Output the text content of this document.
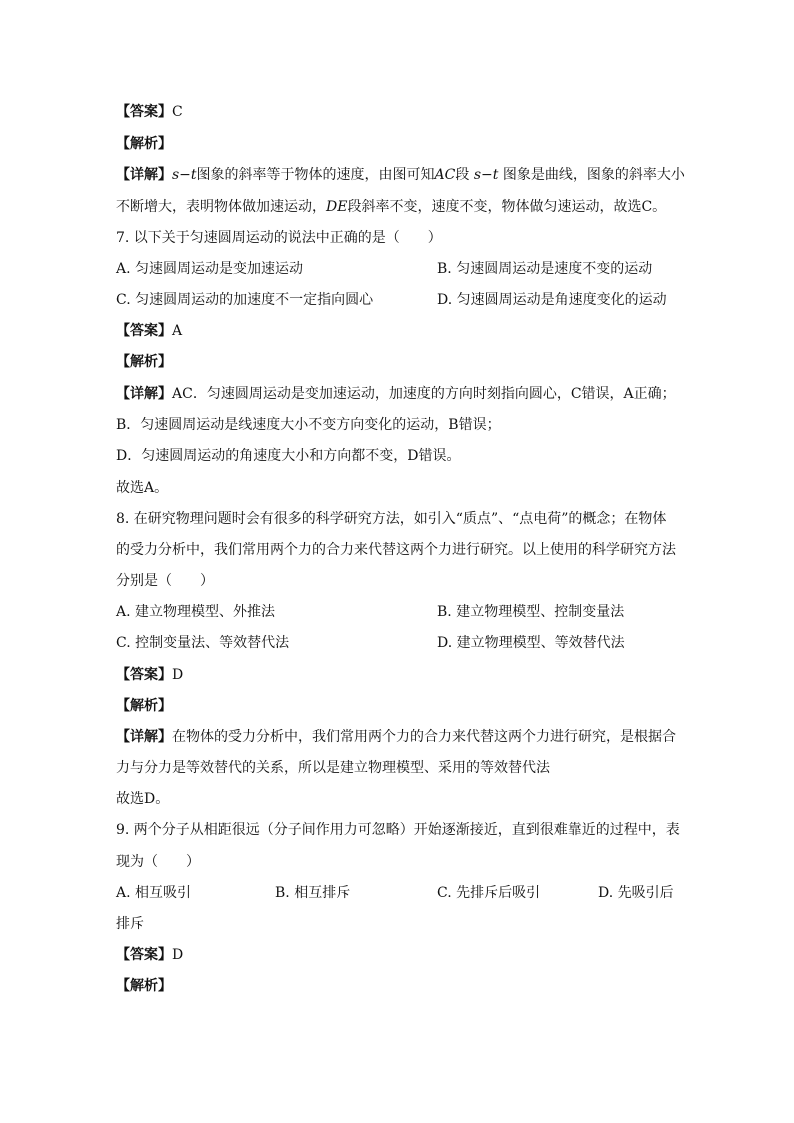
【答案】C
【解析】
【详解】s−t图象的斜率等于物体的速度，由图可知AC段 s−t 图象是曲线，图象的斜率大小
不断增大，表明物体做加速运动，DE段斜率不变，速度不变，物体做匀速运动，故选C。
7. 以下关于匀速圆周运动的说法中正确的是（　　）
A. 匀速圆周运动是变加速运动	B. 匀速圆周运动是速度不变的运动
C. 匀速圆周运动的加速度不一定指向圆心	D. 匀速圆周运动是角速度变化的运动
【答案】A
【解析】
【详解】AC．匀速圆周运动是变加速运动，加速度的方向时刻指向圆心，C错误，A正确；
B．匀速圆周运动是线速度大小不变方向变化的运动，B错误；
D．匀速圆周运动的角速度大小和方向都不变，D错误。
故选A。
8. 在研究物理问题时会有很多的科学研究方法，如引入“质点”、“点电荷”的概念；在物体
的受力分析中，我们常用两个力的合力来代替这两个力进行研究。以上使用的科学研究方法
分别是（　　）
A. 建立物理模型、外推法	B. 建立物理模型、控制变量法
C. 控制变量法、等效替代法	D. 建立物理模型、等效替代法
【答案】D
【解析】
【详解】在物体的受力分析中，我们常用两个力的合力来代替这两个力进行研究，是根据合
力与分力是等效替代的关系，所以是建立物理模型、采用的等效替代法
故选D。
9. 两个分子从相距很远（分子间作用力可忽略）开始逐渐接近，直到很难靠近的过程中，表
现为（　　）
A. 相互吸引	B. 相互排斥	C. 先排斥后吸引	D. 先吸引后
排斥
【答案】D
【解析】
